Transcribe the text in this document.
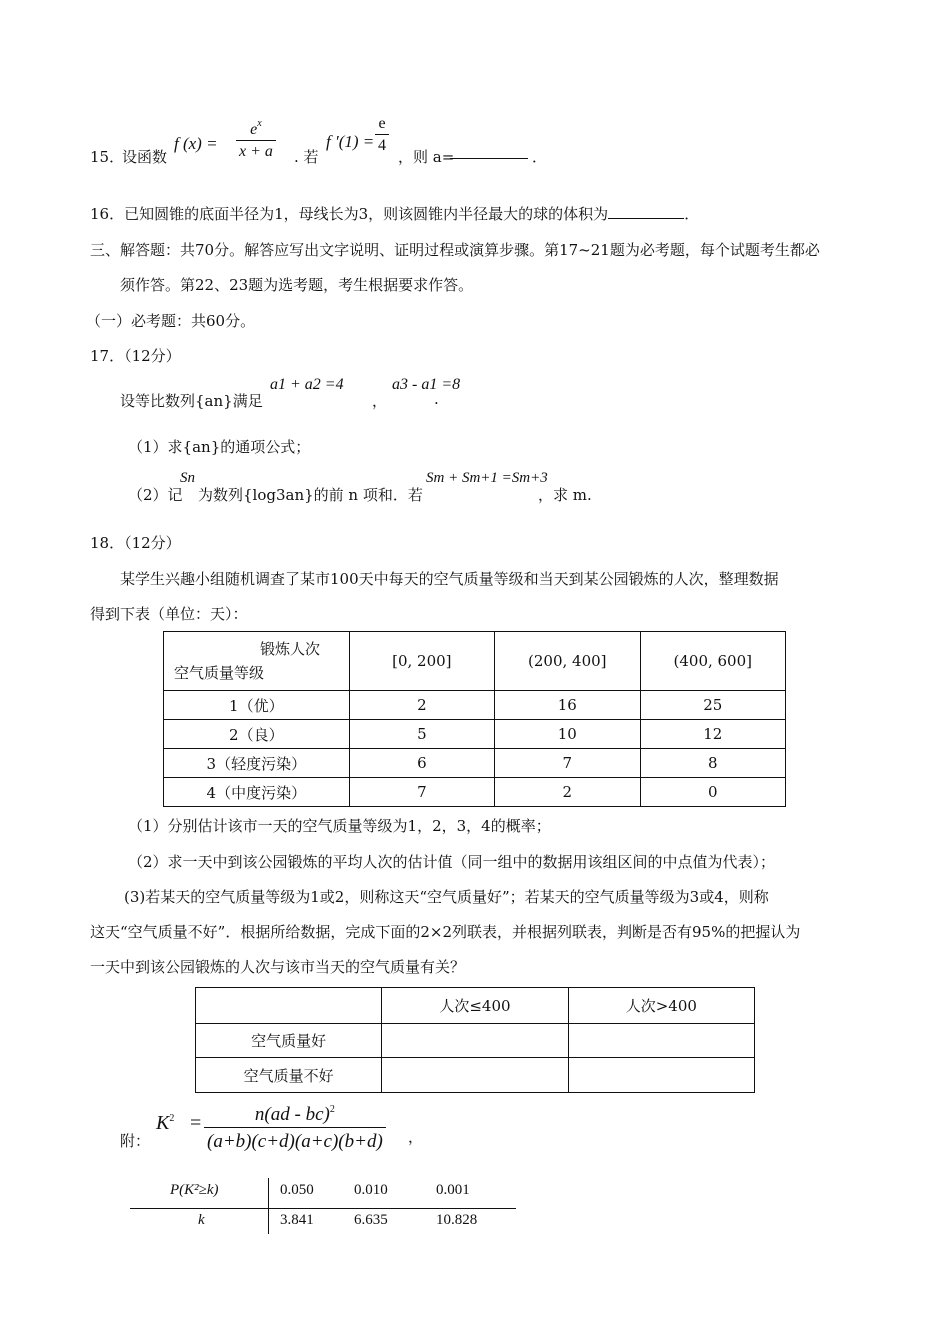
15．
设函数
f $(x) = \frac{e^x}{x + a}$ . 若
f $'(1) = \frac{e}{4}$ ，则 a=	．
16．已知圆锥的底面半径为1，母线长为3，则该圆锥内半径最大的球的体积为	．
三、解答题：共70分。解答应写出文字说明、证明过程或演算步骤。第17~21题为必考题，每个试题考生都必
须作答。第22、23题为选考题，考生根据要求作答。
（一）必考题：共60分。
17．（12分）
设等比数列{an}满足
a1 + a2 =4
，
a3 - a1 =8
.
（1）求{an}的通项公式；
（2）记
Sn
为数列{log3an}的前 n 项和．若
Sm + Sm+1 =Sm+3
，求 m.
18．（12分）
某学生兴趣小组随机调查了某市100天中每天的空气质量等级和当天到某公园锻炼的人次，整理数据
得到下表（单位：天）：
锻炼人次
空气质量等级	[0, 200]	(200, 400]	(400, 600]
1（优）	2	16	25
2（良）	5	10	12
3（轻度污染）	6	7	8
4（中度污染）	7	2	0
（1）分别估计该市一天的空气质量等级为1，2，3，4的概率；
（2）求一天中到该公园锻炼的平均人次的估计值（同一组中的数据用该组区间的中点值为代表）；
(3)若某天的空气质量等级为1或2，则称这天“空气质量好”；若某天的空气质量等级为3或4，则称
这天“空气质量不好”．根据所给数据，完成下面的2×2列联表，并根据列联表，判断是否有95%的把握认为
一天中到该公园锻炼的人次与该市当天的空气质量有关？
	人次≤400	人次>400
空气质量好		
空气质量不好		
附：
$K^2 = \frac{n(ad - bc)^2}{(a+b)(c+d)(a+c)(b+d)}$ ，
P(K²≥k)	0.050	0.010	0.001
k	3.841	6.635	10.828
